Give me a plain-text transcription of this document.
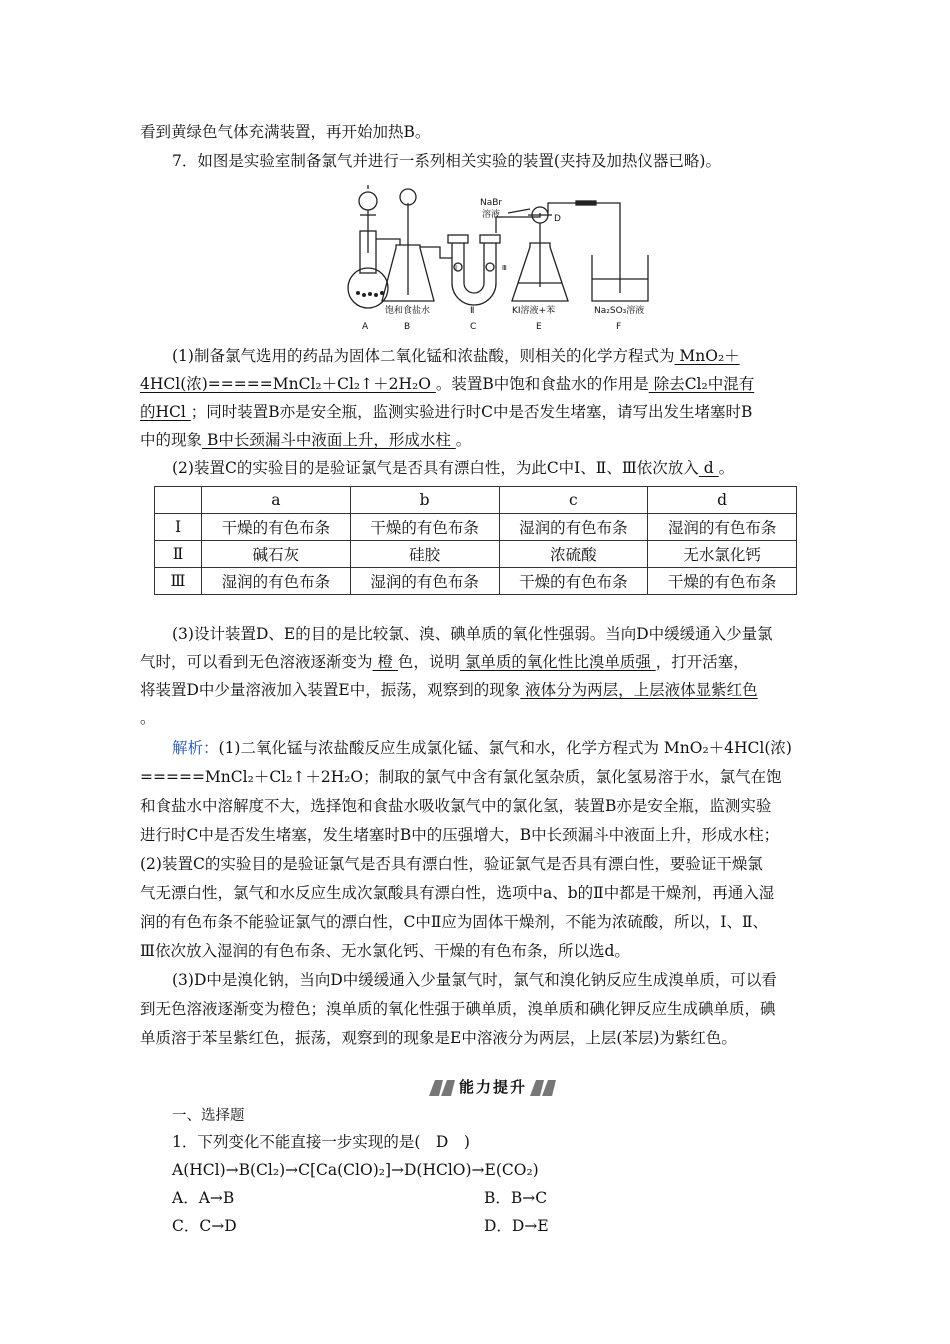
看到黄绿色气体充满装置，再开始加热B。
7．如图是实验室制备氯气并进行一系列相关实验的装置(夹持及加热仪器已略)。
A	B	C	E	F
饱和食盐水	Ⅱ	KI溶液+苯	Na₂SO₃溶液
NaBr
溶液	D
Ⅰ	Ⅲ
(1)制备氯气选用的药品为固体二氧化锰和浓盐酸，则相关的化学方程式为 MnO₂＋
4HCl(浓)=====MnCl₂＋Cl₂↑＋2H₂O 。装置B中饱和食盐水的作用是 除去Cl₂中混有
的HCl ；同时装置B亦是安全瓶，监测实验进行时C中是否发生堵塞，请写出发生堵塞时B
中的现象 B中长颈漏斗中液面上升，形成水柱 。
(2)装置C的实验目的是验证氯气是否具有漂白性，为此C中Ⅰ、Ⅱ、Ⅲ依次放入 d 。
	a	b	c	d
Ⅰ	干燥的有色布条	干燥的有色布条	湿润的有色布条	湿润的有色布条
Ⅱ	碱石灰	硅胶	浓硫酸	无水氯化钙
Ⅲ	湿润的有色布条	湿润的有色布条	干燥的有色布条	干燥的有色布条
(3)设计装置D、E的目的是比较氯、溴、碘单质的氧化性强弱。当向D中缓缓通入少量氯
气时，可以看到无色溶液逐渐变为 橙 色，说明 氯单质的氧化性比溴单质强 ，打开活塞，
将装置D中少量溶液加入装置E中，振荡，观察到的现象 液体分为两层，上层液体显紫红色
。
解析：(1)二氧化锰与浓盐酸反应生成氯化锰、氯气和水，化学方程式为 MnO₂＋4HCl(浓)
=====MnCl₂＋Cl₂↑＋2H₂O；制取的氯气中含有氯化氢杂质，氯化氢易溶于水，氯气在饱
和食盐水中溶解度不大，选择饱和食盐水吸收氯气中的氯化氢，装置B亦是安全瓶，监测实验
进行时C中是否发生堵塞，发生堵塞时B中的压强增大，B中长颈漏斗中液面上升，形成水柱；
(2)装置C的实验目的是验证氯气是否具有漂白性，验证氯气是否具有漂白性，要验证干燥氯
气无漂白性，氯气和水反应生成次氯酸具有漂白性，选项中a、b的Ⅱ中都是干燥剂，再通入湿
润的有色布条不能验证氯气的漂白性，C中Ⅱ应为固体干燥剂，不能为浓硫酸，所以，Ⅰ、Ⅱ、
Ⅲ依次放入湿润的有色布条、无水氯化钙、干燥的有色布条，所以选d。
(3)D中是溴化钠，当向D中缓缓通入少量氯气时，氯气和溴化钠反应生成溴单质，可以看
到无色溶液逐渐变为橙色；溴单质的氧化性强于碘单质，溴单质和碘化钾反应生成碘单质，碘
单质溶于苯呈紫红色，振荡，观察到的现象是E中溶液分为两层，上层(苯层)为紫红色。
能力提升
一、选择题
1．下列变化不能直接一步实现的是(　D　)
A(HCl)→B(Cl₂)→C[Ca(ClO)₂]→D(HClO)→E(CO₂)
A．A→B	B．B→C
C．C→D	D．D→E
